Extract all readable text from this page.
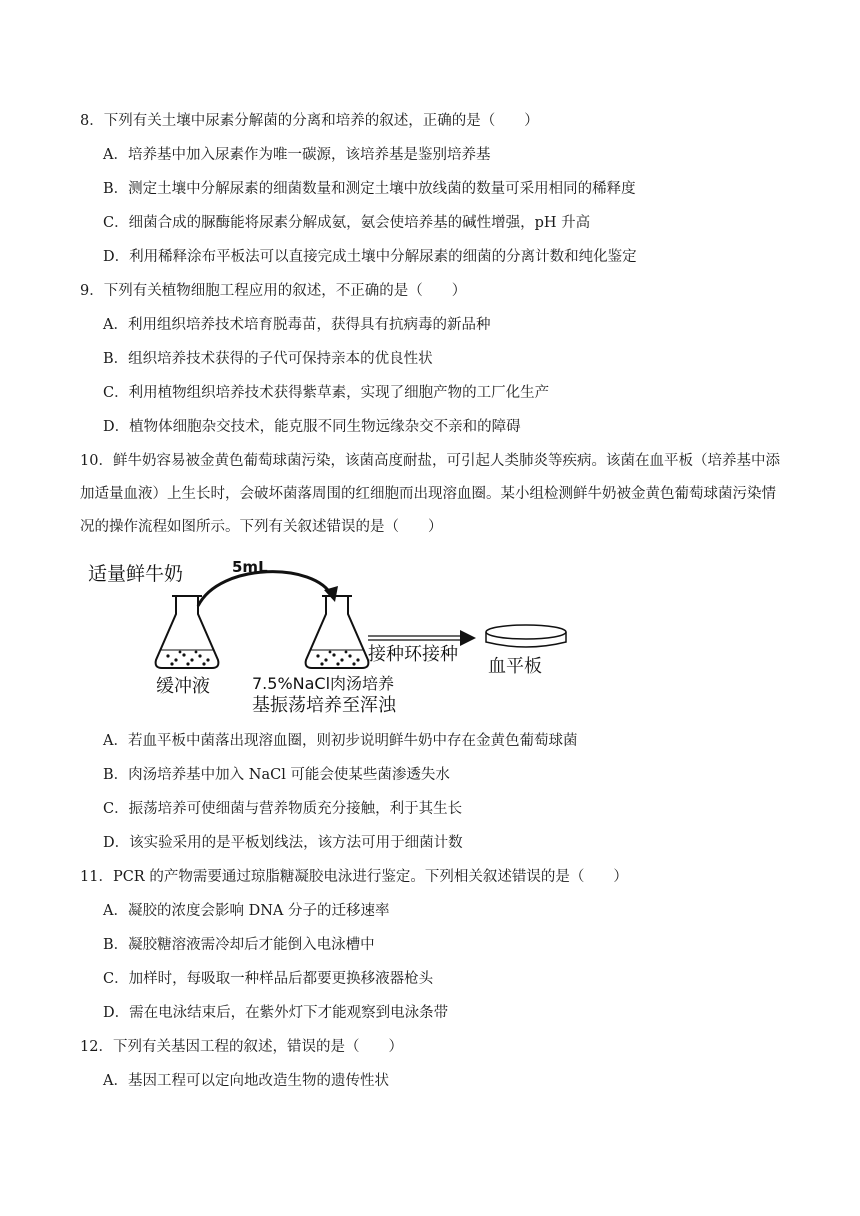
8．下列有关土壤中尿素分解菌的分离和培养的叙述，正确的是（　　）
A．培养基中加入尿素作为唯一碳源，该培养基是鉴别培养基
B．测定土壤中分解尿素的细菌数量和测定土壤中放线菌的数量可采用相同的稀释度
C．细菌合成的脲酶能将尿素分解成氨，氨会使培养基的碱性增强，pH 升高
D．利用稀释涂布平板法可以直接完成土壤中分解尿素的细菌的分离计数和纯化鉴定
9．下列有关植物细胞工程应用的叙述，不正确的是（　　）
A．利用组织培养技术培育脱毒苗，获得具有抗病毒的新品种
B．组织培养技术获得的子代可保持亲本的优良性状
C．利用植物组织培养技术获得紫草素，实现了细胞产物的工厂化生产
D．植物体细胞杂交技术，能克服不同生物远缘杂交不亲和的障碍
10．鲜牛奶容易被金黄色葡萄球菌污染，该菌高度耐盐，可引起人类肺炎等疾病。该菌在血平板（培养基中添加适量血液）上生长时，会破坏菌落周围的红细胞而出现溶血圈。某小组检测鲜牛奶被金黄色葡萄球菌污染情况的操作流程如图所示。下列有关叙述错误的是（　　）
适量鲜牛奶	5mL
缓冲液	7.5%NaCl肉汤培养
基振荡培养至浑浊
接种环接种
血平板
A．若血平板中菌落出现溶血圈，则初步说明鲜牛奶中存在金黄色葡萄球菌
B．肉汤培养基中加入 NaCl 可能会使某些菌渗透失水
C．振荡培养可使细菌与营养物质充分接触，利于其生长
D．该实验采用的是平板划线法，该方法可用于细菌计数
11．PCR 的产物需要通过琼脂糖凝胶电泳进行鉴定。下列相关叙述错误的是（　　）
A．凝胶的浓度会影响 DNA 分子的迁移速率
B．凝胶糖溶液需冷却后才能倒入电泳槽中
C．加样时，每吸取一种样品后都要更换移液器枪头
D．需在电泳结束后，在紫外灯下才能观察到电泳条带
12．下列有关基因工程的叙述，错误的是（　　）
A．基因工程可以定向地改造生物的遗传性状
